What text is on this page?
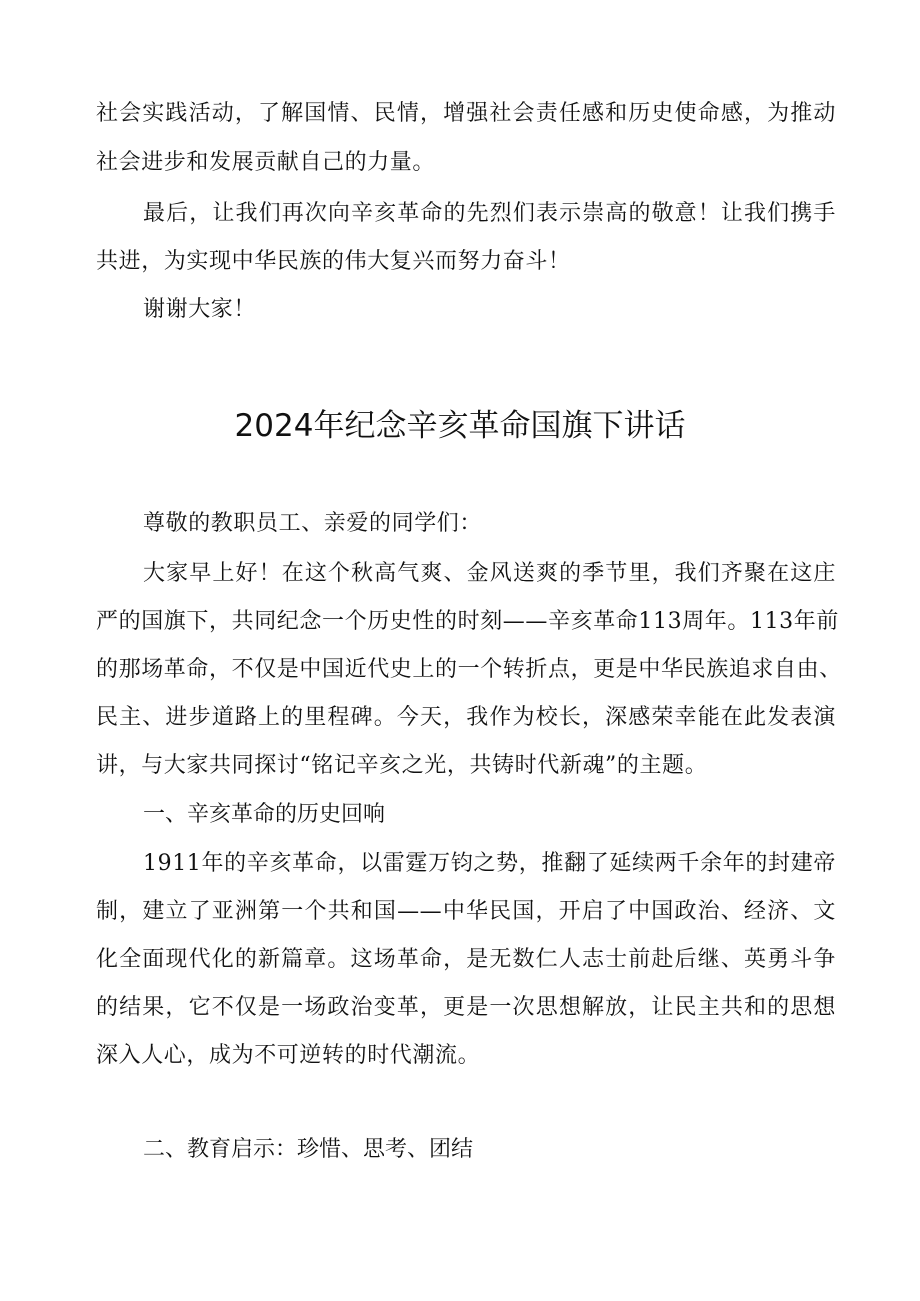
社会实践活动，了解国情、民情，增强社会责任感和历史使命感，为推动
社会进步和发展贡献自己的力量。
最后，让我们再次向辛亥革命的先烈们表示崇高的敬意！让我们携手
共进，为实现中华民族的伟大复兴而努力奋斗！
谢谢大家！
2024年纪念辛亥革命国旗下讲话
尊敬的教职员工、亲爱的同学们：
大家早上好！在这个秋高气爽、金风送爽的季节里，我们齐聚在这庄
严的国旗下，共同纪念一个历史性的时刻——辛亥革命113周年。113年前
的那场革命，不仅是中国近代史上的一个转折点，更是中华民族追求自由、
民主、进步道路上的里程碑。今天，我作为校长，深感荣幸能在此发表演
讲，与大家共同探讨“铭记辛亥之光，共铸时代新魂”的主题。
一、辛亥革命的历史回响
1911年的辛亥革命，以雷霆万钧之势，推翻了延续两千余年的封建帝
制，建立了亚洲第一个共和国——中华民国，开启了中国政治、经济、文
化全面现代化的新篇章。这场革命，是无数仁人志士前赴后继、英勇斗争
的结果，它不仅是一场政治变革，更是一次思想解放，让民主共和的思想
深入人心，成为不可逆转的时代潮流。
二、教育启示：珍惜、思考、团结
